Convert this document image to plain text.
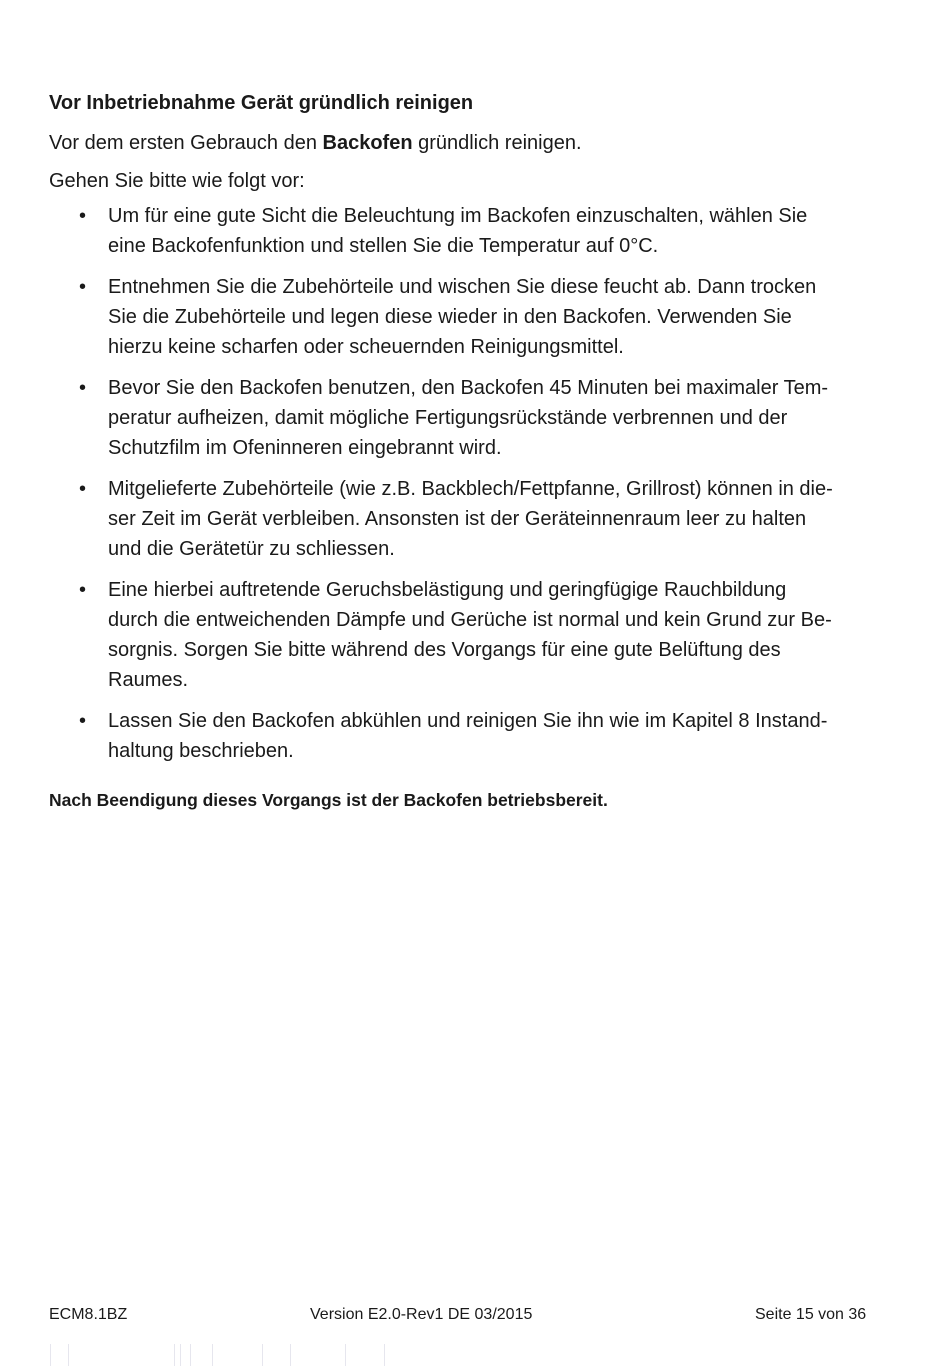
Vor Inbetriebnahme Gerät gründlich reinigen

Vor dem ersten Gebrauch den Backofen gründlich reinigen.

Gehen Sie bitte wie folgt vor:

•	Um für eine gute Sicht die Beleuchtung im Backofen einzuschalten, wählen Sie
eine Backofenfunktion und stellen Sie die Temperatur auf 0°C.
•	Entnehmen Sie die Zubehörteile und wischen Sie diese feucht ab. Dann trocken
Sie die Zubehörteile und legen diese wieder in den Backofen. Verwenden Sie
hierzu keine scharfen oder scheuernden Reinigungsmittel.
•	Bevor Sie den Backofen benutzen, den Backofen 45 Minuten bei maximaler Tem-
peratur aufheizen, damit mögliche Fertigungsrückstände verbrennen und der
Schutzfilm im Ofeninneren eingebrannt wird.
•	Mitgelieferte Zubehörteile (wie z.B. Backblech/Fettpfanne, Grillrost) können in die-
ser Zeit im Gerät verbleiben. Ansonsten ist der Geräteinnenraum leer zu halten
und die Gerätetür zu schliessen.
•	Eine hierbei auftretende Geruchsbelästigung und geringfügige Rauchbildung
durch die entweichenden Dämpfe und Gerüche ist normal und kein Grund zur Be-
sorgnis. Sorgen Sie bitte während des Vorgangs für eine gute Belüftung des
Raumes.
•	Lassen Sie den Backofen abkühlen und reinigen Sie ihn wie im Kapitel 8 Instand-
haltung beschrieben.

Nach Beendigung dieses Vorgangs ist der Backofen betriebsbereit.

ECM8.1BZ	Version E2.0-Rev1 DE 03/2015	Seite 15 von 36
